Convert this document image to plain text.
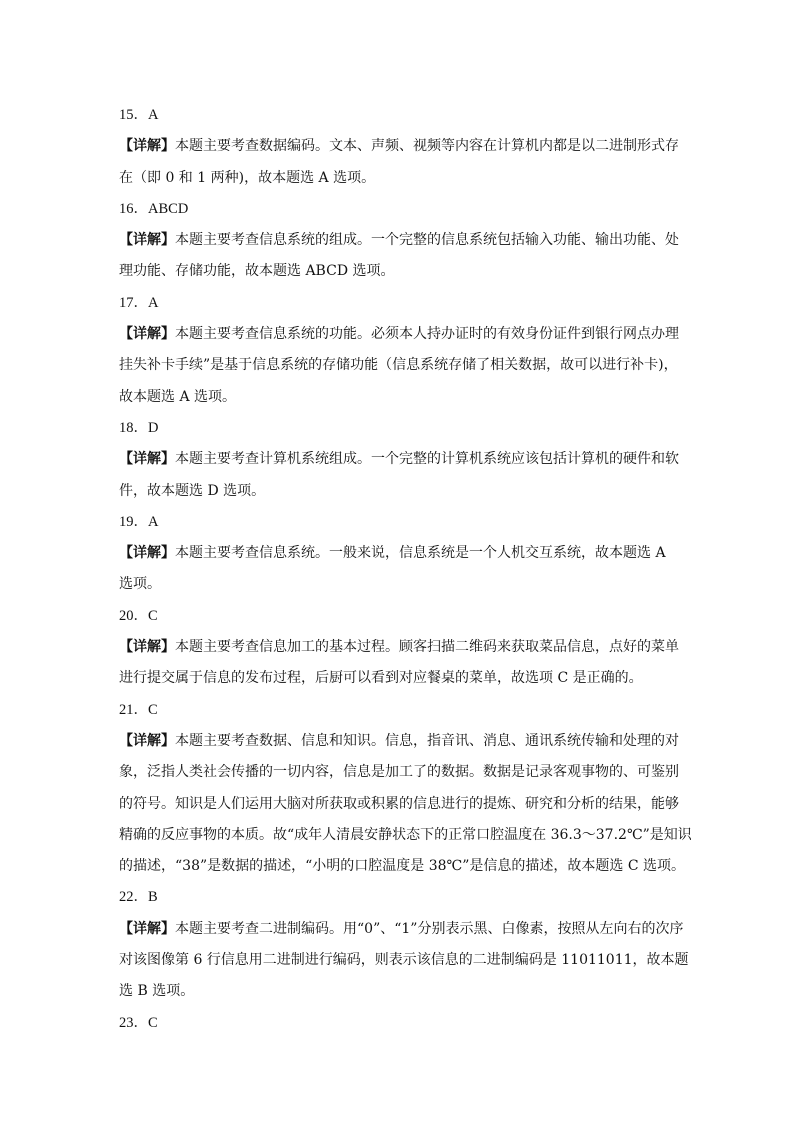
15．A
【详解】本题主要考查数据编码。文本、声频、视频等内容在计算机内都是以二进制形式存
在（即 0 和 1 两种)，故本题选 A 选项。
16．ABCD
【详解】本题主要考查信息系统的组成。一个完整的信息系统包括输入功能、输出功能、处
理功能、存储功能，故本题选 ABCD 选项。
17．A
【详解】本题主要考查信息系统的功能。必须本人持办证时的有效身份证件到银行网点办理
挂失补卡手续”是基于信息系统的存储功能（信息系统存储了相关数据，故可以进行补卡)，
故本题选 A 选项。
18．D
【详解】本题主要考查计算机系统组成。一个完整的计算机系统应该包括计算机的硬件和软
件，故本题选 D 选项。
19．A
【详解】本题主要考查信息系统。一般来说，信息系统是一个人机交互系统，故本题选 A
选项。
20．C
【详解】本题主要考查信息加工的基本过程。顾客扫描二维码来获取菜品信息，点好的菜单
进行提交属于信息的发布过程，后厨可以看到对应餐桌的菜单，故选项 C 是正确的。
21．C
【详解】本题主要考查数据、信息和知识。信息，指音讯、消息、通讯系统传输和处理的对
象，泛指人类社会传播的一切内容，信息是加工了的数据。数据是记录客观事物的、可鉴别
的符号。知识是人们运用大脑对所获取或积累的信息进行的提炼、研究和分析的结果，能够
精确的反应事物的本质。故“成年人清晨安静状态下的正常口腔温度在 36.3～37.2℃”是知识
的描述，“38”是数据的描述，“小明的口腔温度是 38℃”是信息的描述，故本题选 C 选项。
22．B
【详解】本题主要考查二进制编码。用“0”、“1”分别表示黑、白像素，按照从左向右的次序
对该图像第 6 行信息用二进制进行编码，则表示该信息的二进制编码是 11011011，故本题
选 B 选项。
23．C
